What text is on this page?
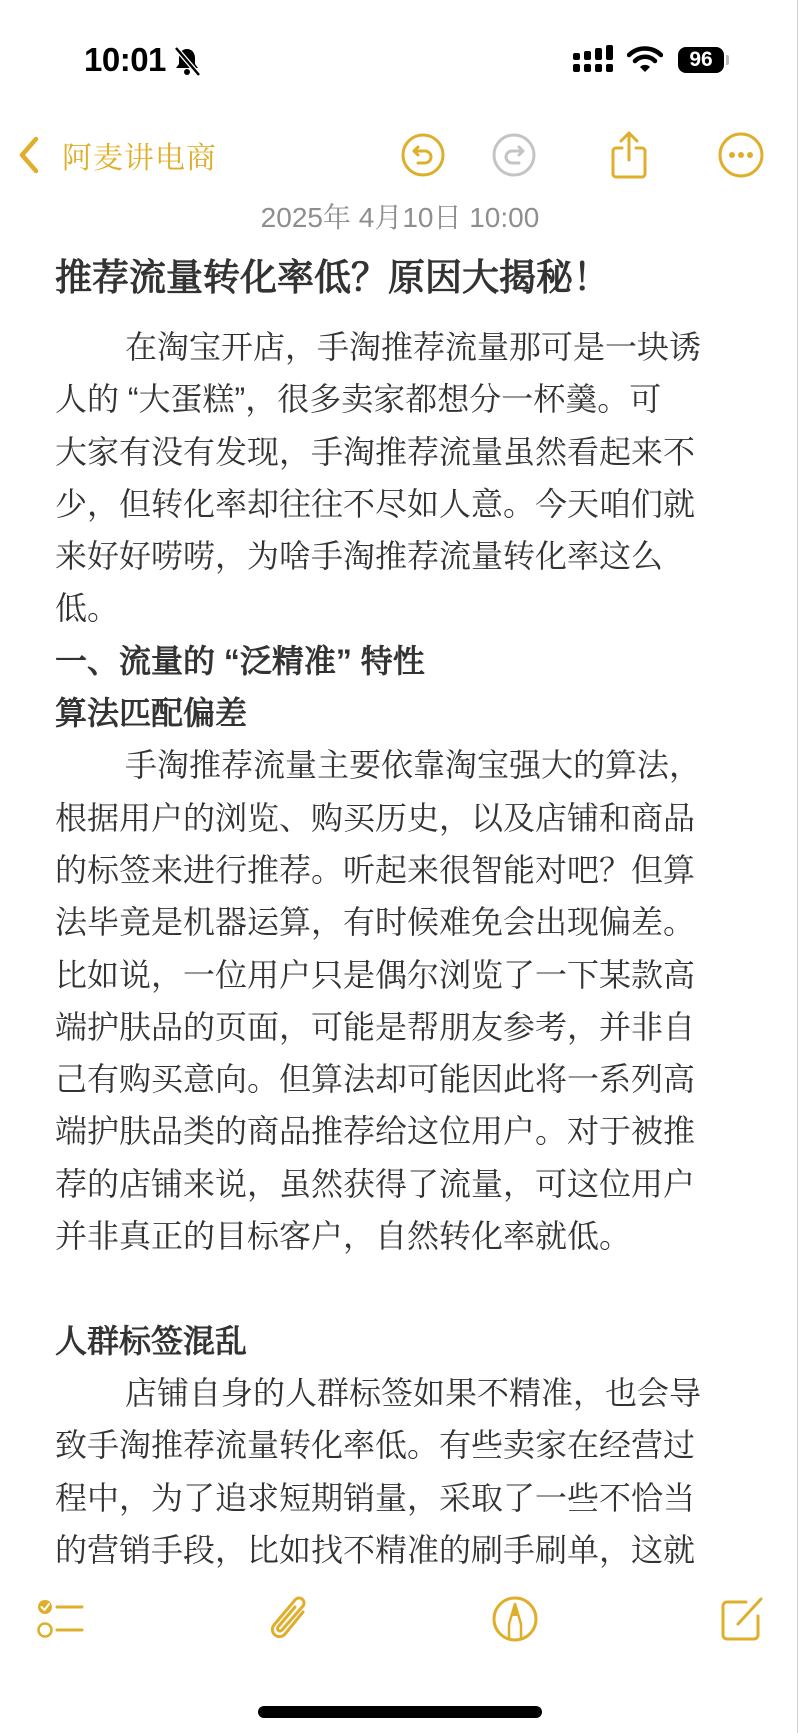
10:01	96
阿麦讲电商
2025年 4月10日 10:00
推荐流量转化率低？原因大揭秘！
在淘宝开店，手淘推荐流量那可是一块诱
人的 “大蛋糕”，很多卖家都想分一杯羹。可
大家有没有发现，手淘推荐流量虽然看起来不
少，但转化率却往往不尽如人意。今天咱们就
来好好唠唠，为啥手淘推荐流量转化率这么
低。
一、流量的 “泛精准” 特性
算法匹配偏差
手淘推荐流量主要依靠淘宝强大的算法，
根据用户的浏览、购买历史，以及店铺和商品
的标签来进行推荐。听起来很智能对吧？但算
法毕竟是机器运算，有时候难免会出现偏差。
比如说，一位用户只是偶尔浏览了一下某款高
端护肤品的页面，可能是帮朋友参考，并非自
己有购买意向。但算法却可能因此将一系列高
端护肤品类的商品推荐给这位用户。对于被推
荐的店铺来说，虽然获得了流量，可这位用户
并非真正的目标客户，自然转化率就低。
人群标签混乱
店铺自身的人群标签如果不精准，也会导
致手淘推荐流量转化率低。有些卖家在经营过
程中，为了追求短期销量，采取了一些不恰当
的营销手段，比如找不精准的刷手刷单，这就
